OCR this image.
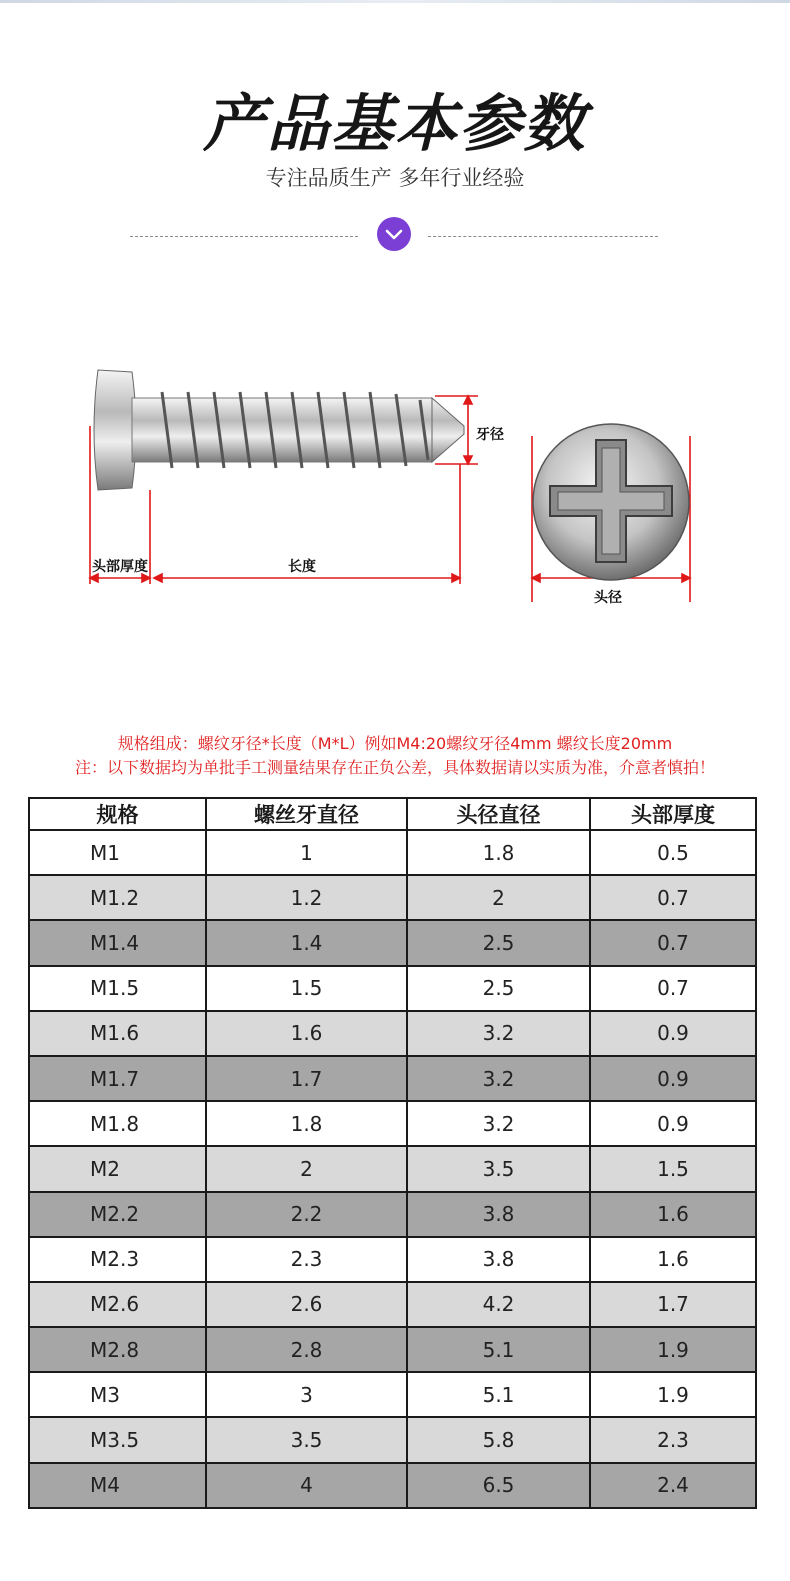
产品基本参数
专注品质生产 多年行业经验
牙径
头部厚度	长度
头径
规格组成：螺纹牙径*长度（M*L）例如M4:20螺纹牙径4mm 螺纹长度20mm
注：以下数据均为单批手工测量结果存在正负公差，具体数据请以实质为准，介意者慎拍！
规格	螺丝牙直径	头径直径	头部厚度
M1	1	1.8	0.5
M1.2	1.2	2	0.7
M1.4	1.4	2.5	0.7
M1.5	1.5	2.5	0.7
M1.6	1.6	3.2	0.9
M1.7	1.7	3.2	0.9
M1.8	1.8	3.2	0.9
M2	2	3.5	1.5
M2.2	2.2	3.8	1.6
M2.3	2.3	3.8	1.6
M2.6	2.6	4.2	1.7
M2.8	2.8	5.1	1.9
M3	3	5.1	1.9
M3.5	3.5	5.8	2.3
M4	4	6.5	2.4
